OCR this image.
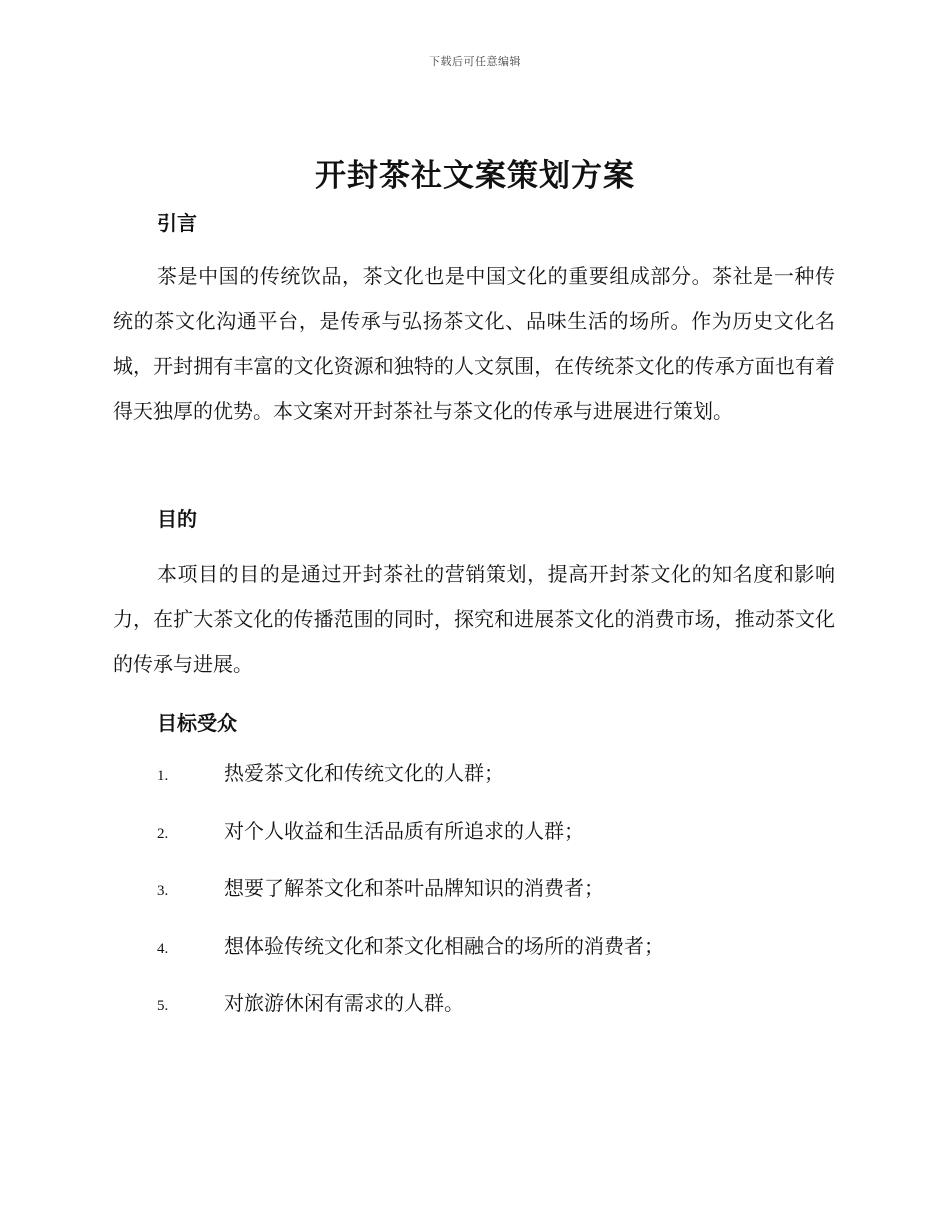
下载后可任意编辑
开封茶社文案策划方案
引言

茶是中国的传统饮品，茶文化也是中国文化的重要组成部分。茶社是一种传统的茶文化沟通平台，是传承与弘扬茶文化、品味生活的场所。作为历史文化名城，开封拥有丰富的文化资源和独特的人文氛围，在传统茶文化的传承方面也有着得天独厚的优势。本文案对开封茶社与茶文化的传承与进展进行策划。

目的

本项目的目的是通过开封茶社的营销策划，提高开封茶文化的知名度和影响力，在扩大茶文化的传播范围的同时，探究和进展茶文化的消费市场，推动茶文化的传承与进展。

目标受众
1.	热爱茶文化和传统文化的人群；
2.	对个人收益和生活品质有所追求的人群；
3.	想要了解茶文化和茶叶品牌知识的消费者；
4.	想体验传统文化和茶文化相融合的场所的消费者；
5.	对旅游休闲有需求的人群。
